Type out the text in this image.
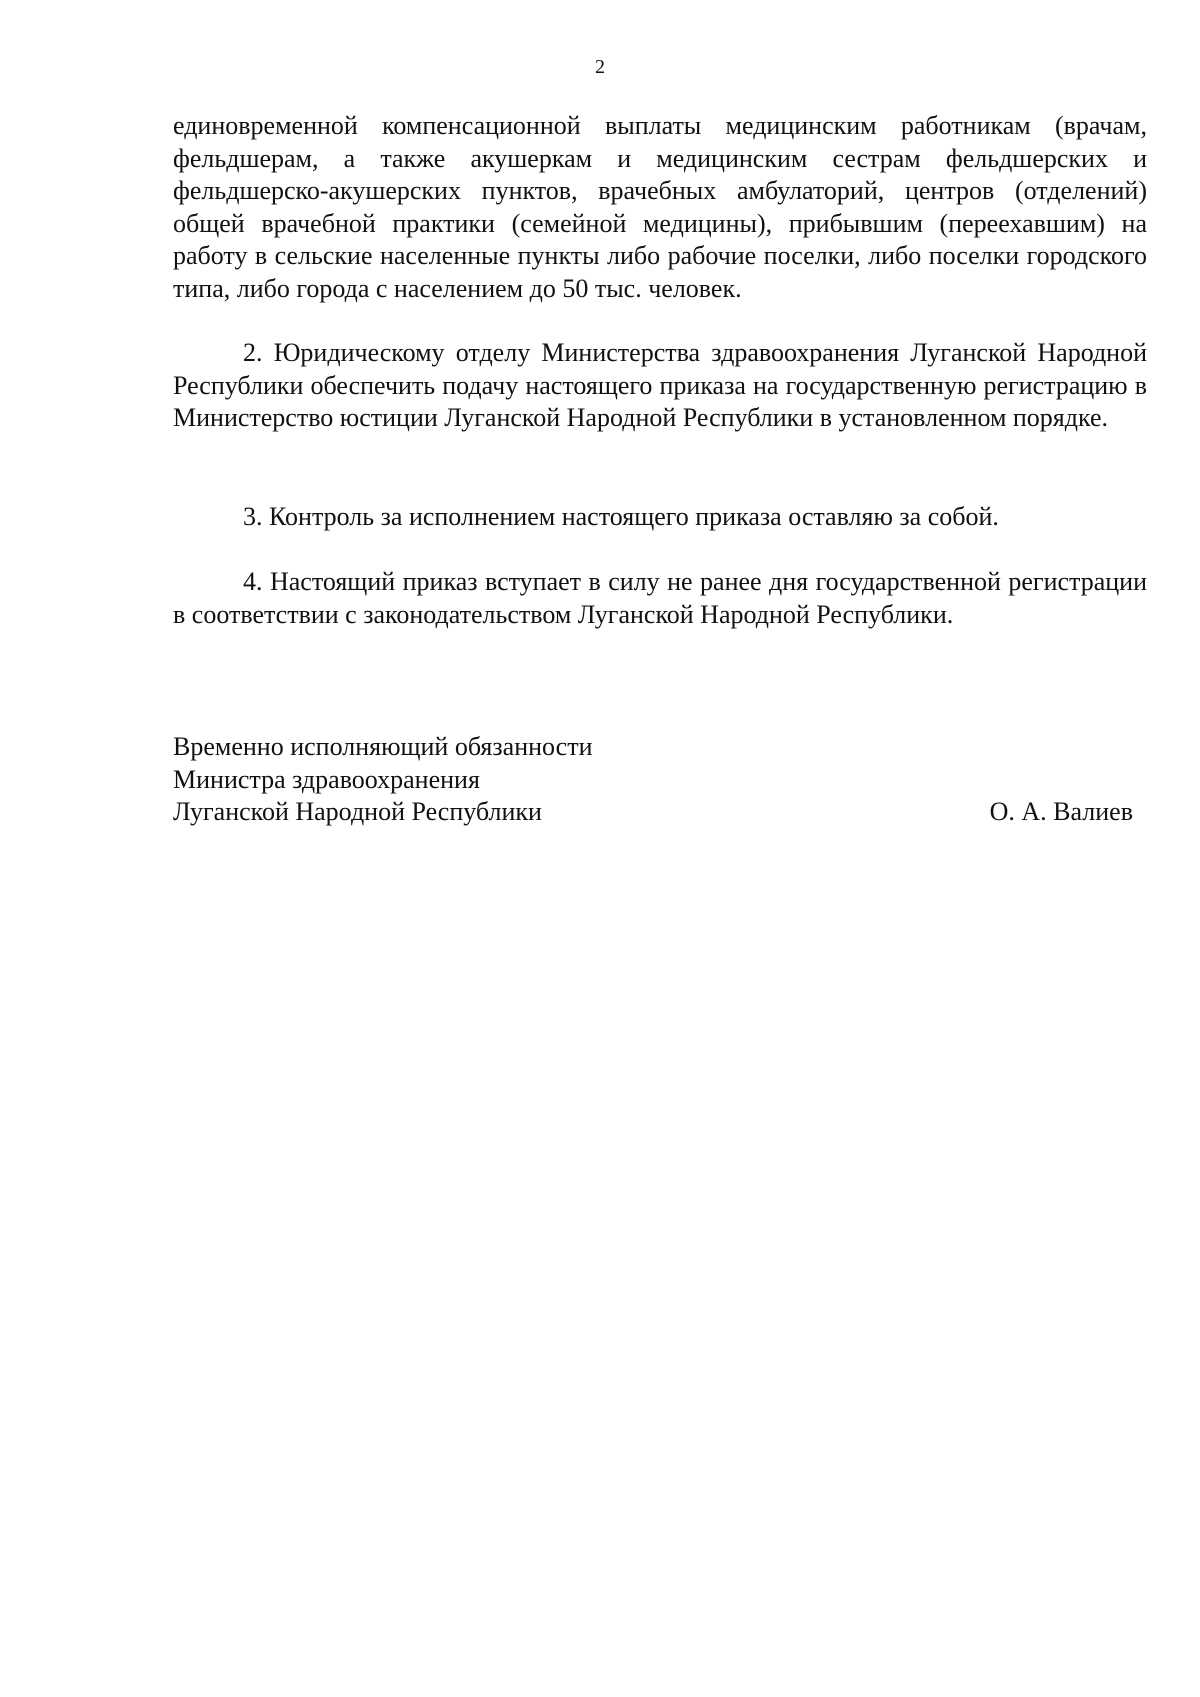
2

единовременной компенсационной выплаты медицинским работникам (врачам, фельдшерам, а также акушеркам и медицинским сестрам фельдшерских и фельдшерско-акушерских пунктов, врачебных амбулаторий, центров (отделений) общей врачебной практики (семейной медицины), прибывшим (переехавшим) на работу в сельские населенные пункты либо рабочие поселки, либо поселки городского типа, либо города с населением до 50 тыс. человек.

2. Юридическому отделу Министерства здравоохранения Луганской Народной Республики обеспечить подачу настоящего приказа на государственную регистрацию в Министерство юстиции Луганской Народной Республики в установленном порядке.

3. Контроль за исполнением настоящего приказа оставляю за собой.

4. Настоящий приказ вступает в силу не ранее дня государственной регистрации в соответствии с законодательством Луганской Народной Республики.

Временно исполняющий обязанности
Министра здравоохранения
Луганской Народной Республики	О. А. Валиев
